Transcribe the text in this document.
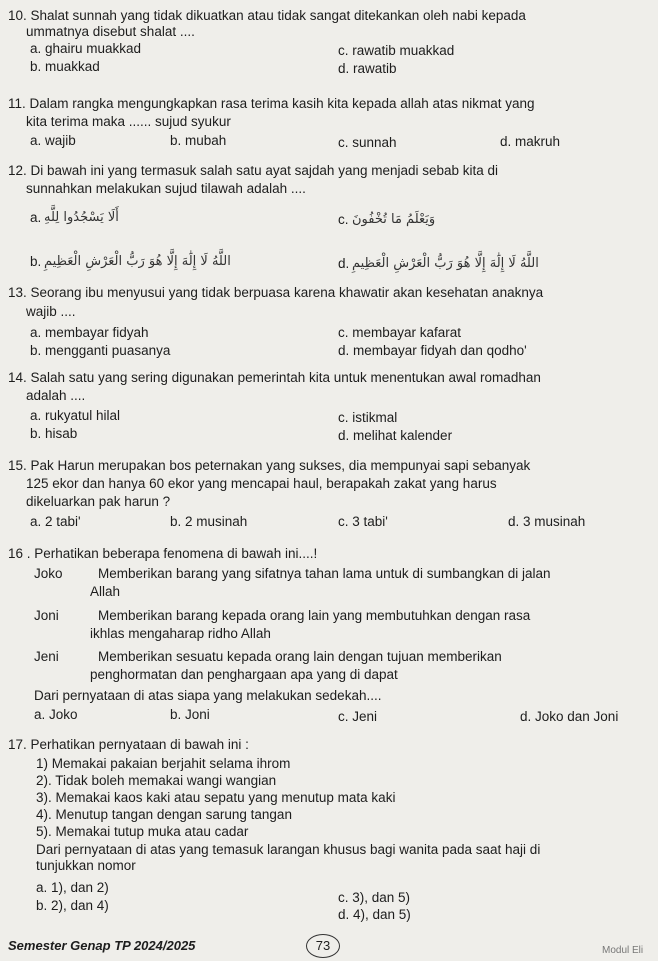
10. Shalat sunnah yang tidak dikuatkan atau tidak sangat ditekankan oleh nabi kepada
ummatnya disebut shalat ....
a. ghairu muakkad	c. rawatib muakkad
b. muakkad	d. rawatib
11. Dalam rangka mengungkapkan rasa terima kasih kita kepada allah atas nikmat yang
kita terima maka ...... sujud syukur
a. wajib	b. mubah	c. sunnah	d. makruh
12. Di bawah ini yang termasuk salah satu ayat sajdah yang menjadi sebab kita di
sunnahkan melakukan sujud tilawah adalah ....
a. أَلَا يَسْجُدُوا لِلَّهِ	c. وَيَعْلَمُ مَا تُخْفُونَ
b. اللَّهُ لَا إِلَٰهَ إِلَّا هُوَ رَبُّ الْعَرْشِ الْعَظِيمِ	d. اللَّهُ لَا إِلَٰهَ إِلَّا هُوَ رَبُّ الْعَرْشِ الْعَظِيمِ
13. Seorang ibu menyusui yang tidak berpuasa karena khawatir akan kesehatan anaknya
wajib ....
a. membayar fidyah	c. membayar kafarat
b. mengganti puasanya	d. membayar fidyah dan qodho'
14. Salah satu yang sering digunakan pemerintah kita untuk menentukan awal romadhan
adalah ....
a. rukyatul hilal	c. istikmal
b. hisab	d. melihat kalender
15. Pak Harun merupakan bos peternakan yang sukses, dia mempunyai sapi sebanyak
125 ekor dan hanya 60 ekor yang mencapai haul, berapakah zakat yang harus
dikeluarkan pak harun ?
a. 2 tabi'	b. 2 musinah	c. 3 tabi'	d. 3 musinah
16 . Perhatikan beberapa fenomena di bawah ini....!
Joko	Memberikan barang yang sifatnya tahan lama untuk di sumbangkan di jalan
Allah
Joni	Memberikan barang kepada orang lain yang membutuhkan dengan rasa
ikhlas mengaharap ridho Allah
Jeni	Memberikan sesuatu kepada orang lain dengan tujuan memberikan
penghormatan dan penghargaan apa yang di dapat
Dari pernyataan di atas siapa yang melakukan sedekah....
a. Joko	b. Joni	c. Jeni	d. Joko dan Joni
17. Perhatikan pernyataan di bawah ini :
1) Memakai pakaian berjahit selama ihrom
2). Tidak boleh memakai wangi wangian
3). Memakai kaos kaki atau sepatu yang menutup mata kaki
4). Menutup tangan dengan sarung tangan
5). Memakai tutup muka atau cadar
Dari pernyataan di atas yang temasuk larangan khusus bagi wanita pada saat haji di
tunjukkan nomor
a. 1), dan 2)
c. 3), dan 5)
b. 2), dan 4)
d. 4), dan 5)
Semester Genap TP 2024/2025	73	Modul Eli
